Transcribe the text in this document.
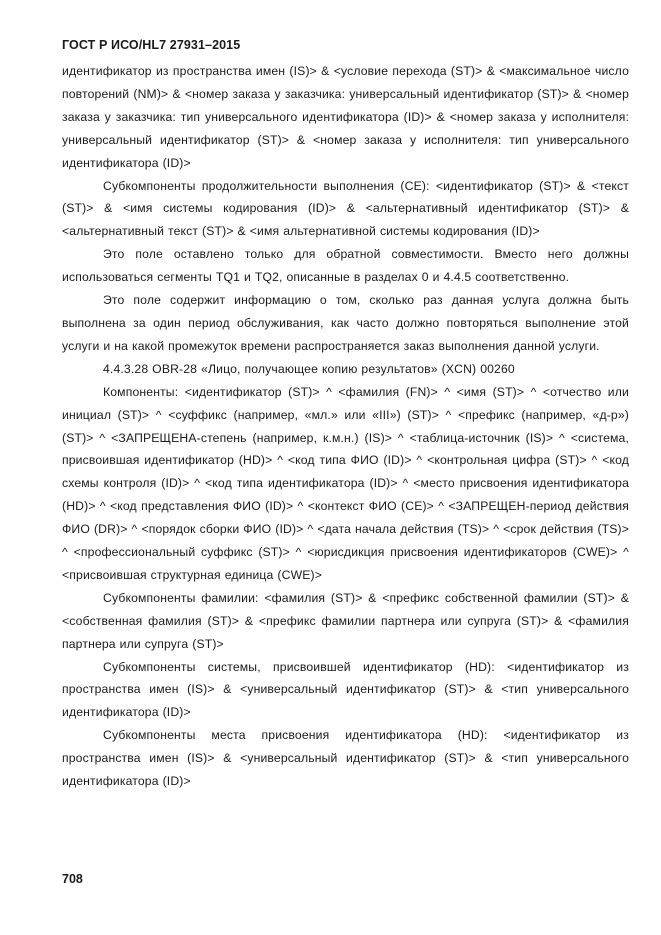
ГОСТ Р ИСО/HL7 27931–2015

идентификатор из пространства имен (IS)> & <условие перехода (ST)> & <максимальное число повторений (NM)> & <номер заказа у заказчика: универсальный идентификатор (ST)> & <номер заказа у заказчика: тип универсального идентификатора (ID)> & <номер заказа у исполнителя: универсальный идентификатор (ST)> & <номер заказа у исполнителя: тип универсального идентификатора (ID)>

Субкомпоненты продолжительности выполнения (CE): <идентификатор (ST)> & <текст (ST)> & <имя системы кодирования (ID)> & <альтернативный идентификатор (ST)> & <альтернативный текст (ST)> & <имя альтернативной системы кодирования (ID)>

Это поле оставлено только для обратной совместимости. Вместо него должны использоваться сегменты TQ1 и TQ2, описанные в разделах 0 и 4.4.5 соответственно.

Это поле содержит информацию о том, сколько раз данная услуга должна быть выполнена за один период обслуживания, как часто должно повторяться выполнение этой услуги и на какой промежуток времени распространяется заказ выполнения данной услуги.

4.4.3.28 OBR-28 «Лицо, получающее копию результатов» (XCN) 00260

Компоненты: <идентификатор (ST)> ^ <фамилия (FN)> ^ <имя (ST)> ^ <отчество или инициал (ST)> ^ <суффикс (например, «мл.» или «III») (ST)> ^ <префикс (например, «д-р») (ST)> ^ <ЗАПРЕЩЕНА-степень (например, к.м.н.) (IS)> ^ <таблица-источник (IS)> ^ <система, присвоившая идентификатор (HD)> ^ <код типа ФИО (ID)> ^ <контрольная цифра (ST)> ^ <код схемы контроля (ID)> ^ <код типа идентификатора (ID)> ^ <место присвоения идентификатора (HD)> ^ <код представления ФИО (ID)> ^ <контекст ФИО (CE)> ^ <ЗАПРЕЩЕН-период действия ФИО (DR)> ^ <порядок сборки ФИО (ID)> ^ <дата начала действия (TS)> ^ <срок действия (TS)> ^ <профессиональный суффикс (ST)> ^ <юрисдикция присвоения идентификаторов (CWE)> ^ <присвоившая структурная единица (CWE)>

Субкомпоненты фамилии: <фамилия (ST)> & <префикс собственной фамилии (ST)> & <собственная фамилия (ST)> & <префикс фамилии партнера или супруга (ST)> & <фамилия партнера или супруга (ST)>

Субкомпоненты системы, присвоившей идентификатор (HD): <идентификатор из пространства имен (IS)> & <универсальный идентификатор (ST)> & <тип универсального идентификатора (ID)>

Субкомпоненты места присвоения идентификатора (HD): <идентификатор из пространства имен (IS)> & <универсальный идентификатор (ST)> & <тип универсального идентификатора (ID)>

708
